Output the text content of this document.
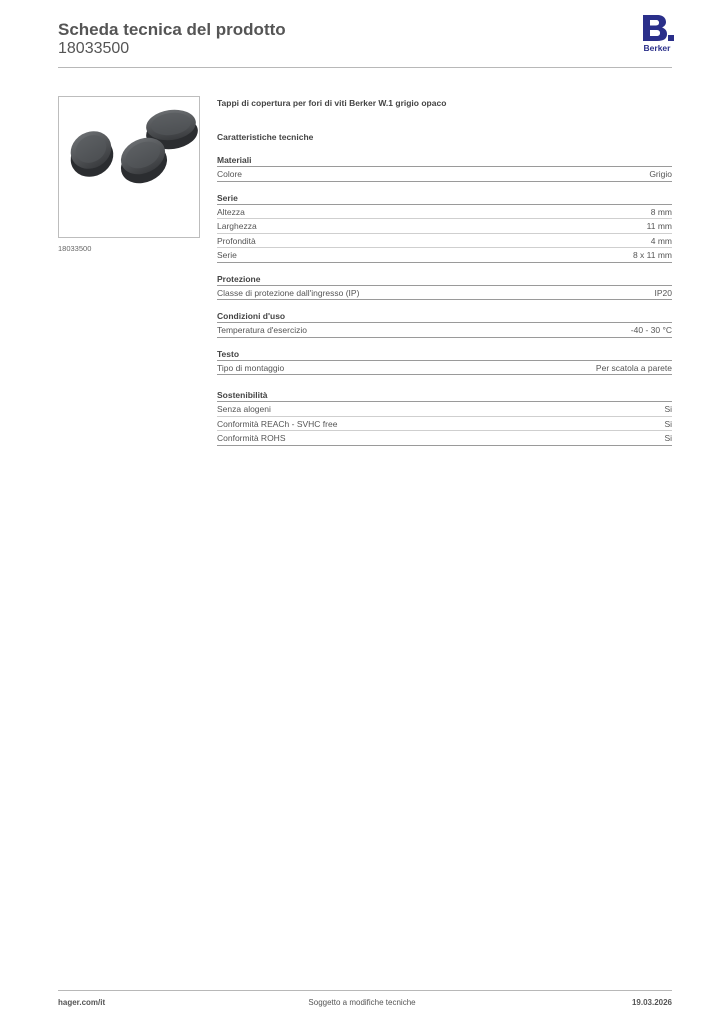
Scheda tecnica del prodotto
18033500	Berker
18033500
Tappi di copertura per fori di viti Berker W.1 grigio opaco
Caratteristiche tecniche
Materiali
Colore	Grigio
Serie
Altezza	8 mm
Larghezza	11 mm
Profondità	4 mm
Serie	8 x 11 mm
Protezione
Classe di protezione dall'ingresso (IP)	IP20
Condizioni d'uso
Temperatura d'esercizio	-40 - 30 °C
Testo
Tipo di montaggio	Per scatola a parete
Sostenibilità
Senza alogeni	Si
Conformità REACh - SVHC free	Si
Conformità ROHS	Si
hager.com/it	Soggetto a modifiche tecniche	19.03.2026
